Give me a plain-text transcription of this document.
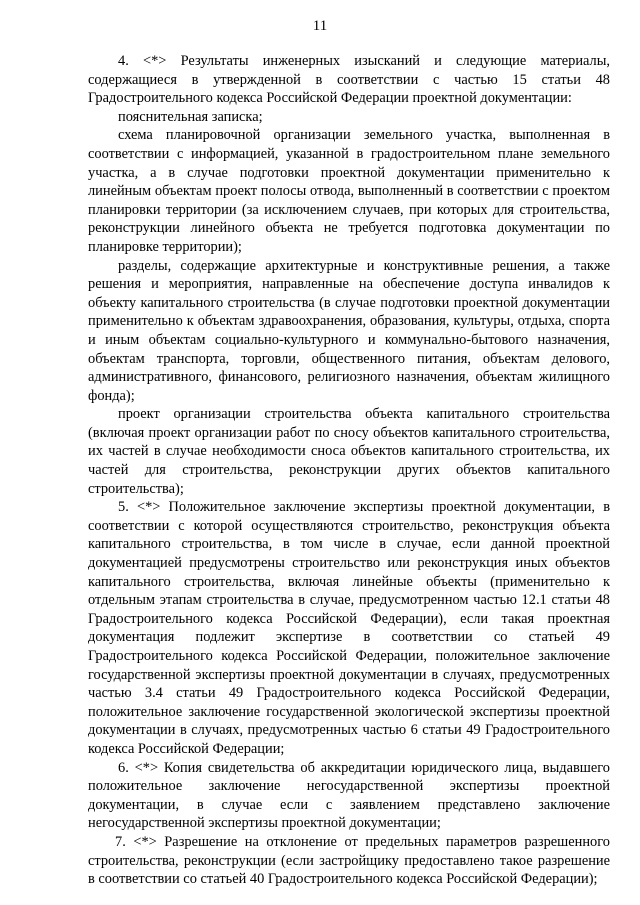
11

4. <*> Результаты инженерных изысканий и следующие материалы, содержащиеся в утвержденной в соответствии с частью 15 статьи 48 Градостроительного кодекса Российской Федерации проектной документации:

пояснительная записка;

схема планировочной организации земельного участка, выполненная в соответствии с информацией, указанной в градостроительном плане земельного участка, а в случае подготовки проектной документации применительно к линейным объектам проект полосы отвода, выполненный в соответствии с проектом планировки территории (за исключением случаев, при которых для строительства, реконструкции линейного объекта не требуется подготовка документации по планировке территории);

разделы, содержащие архитектурные и конструктивные решения, а также решения и мероприятия, направленные на обеспечение доступа инвалидов к объекту капитального строительства (в случае подготовки проектной документации применительно к объектам здравоохранения, образования, культуры, отдыха, спорта и иным объектам социально-культурного и коммунально-бытового назначения, объектам транспорта, торговли, общественного питания, объектам делового, административного, финансового, религиозного назначения, объектам жилищного фонда);

проект организации строительства объекта капитального строительства (включая проект организации работ по сносу объектов капитального строительства, их частей в случае необходимости сноса объектов капитального строительства, их частей для строительства, реконструкции других объектов капитального строительства);

5. <*> Положительное заключение экспертизы проектной документации, в соответствии с которой осуществляются строительство, реконструкция объекта капитального строительства, в том числе в случае, если данной проектной документацией предусмотрены строительство или реконструкция иных объектов капитального строительства, включая линейные объекты (применительно к отдельным этапам строительства в случае, предусмотренном частью 12.1 статьи 48 Градостроительного кодекса Российской Федерации), если такая проектная документация подлежит экспертизе в соответствии со статьей 49 Градостроительного кодекса Российской Федерации, положительное заключение государственной экспертизы проектной документации в случаях, предусмотренных частью 3.4 статьи 49 Градостроительного кодекса Российской Федерации, положительное заключение государственной экологической экспертизы проектной документации в случаях, предусмотренных частью 6 статьи 49 Градостроительного кодекса Российской Федерации;

6. <*> Копия свидетельства об аккредитации юридического лица, выдавшего положительное заключение негосударственной экспертизы проектной документации, в случае если с заявлением представлено заключение негосударственной экспертизы проектной документации;

7. <*> Разрешение на отклонение от предельных параметров разрешенного строительства, реконструкции (если застройщику предоставлено такое разрешение в соответствии со статьей 40 Градостроительного кодекса Российской Федерации);
